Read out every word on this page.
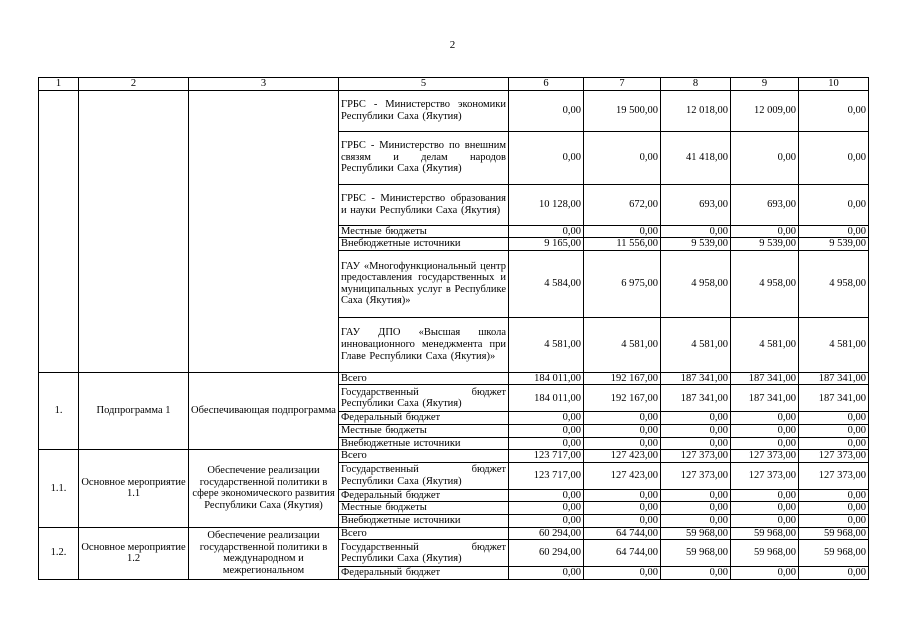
2
1	2	3	5	6	7	8	9	10
			ГРБС - Министерство экономики Республики Саха (Якутия)	0,00	19 500,00	12 018,00	12 009,00	0,00
			ГРБС - Министерство по внешним связям и делам народов Республики Саха (Якутия)	0,00	0,00	41 418,00	0,00	0,00
			ГРБС - Министерство образования и науки Республики Саха (Якутия)	10 128,00	672,00	693,00	693,00	0,00
			Местные бюджеты	0,00	0,00	0,00	0,00	0,00
			Внебюджетные источники	9 165,00	11 556,00	9 539,00	9 539,00	9 539,00
			ГАУ «Многофункциональный центр предоставления государственных и муниципальных услуг в Республике Саха (Якутия)»	4 584,00	6 975,00	4 958,00	4 958,00	4 958,00
			ГАУ ДПО «Высшая школа инновационного менеджмента при Главе Республики Саха (Якутия)»	4 581,00	4 581,00	4 581,00	4 581,00	4 581,00
1.	Подпрограмма 1	Обеспечивающая подпрограмма	Всего	184 011,00	192 167,00	187 341,00	187 341,00	187 341,00
			Государственный бюджет Республики Саха (Якутия)	184 011,00	192 167,00	187 341,00	187 341,00	187 341,00
			Федеральный бюджет	0,00	0,00	0,00	0,00	0,00
			Местные бюджеты	0,00	0,00	0,00	0,00	0,00
			Внебюджетные источники	0,00	0,00	0,00	0,00	0,00
1.1.	Основное мероприятие 1.1	Обеспечение реализации государственной политики в сфере экономического развития Республики Саха (Якутия)	Всего	123 717,00	127 423,00	127 373,00	127 373,00	127 373,00
			Государственный бюджет Республики Саха (Якутия)	123 717,00	127 423,00	127 373,00	127 373,00	127 373,00
			Федеральный бюджет	0,00	0,00	0,00	0,00	0,00
			Местные бюджеты	0,00	0,00	0,00	0,00	0,00
			Внебюджетные источники	0,00	0,00	0,00	0,00	0,00
1.2.	Основное мероприятие 1.2	Обеспечение реализации государственной политики в международном и межрегиональном	Всего	60 294,00	64 744,00	59 968,00	59 968,00	59 968,00
			Государственный бюджет Республики Саха (Якутия)	60 294,00	64 744,00	59 968,00	59 968,00	59 968,00
			Федеральный бюджет	0,00	0,00	0,00	0,00	0,00
